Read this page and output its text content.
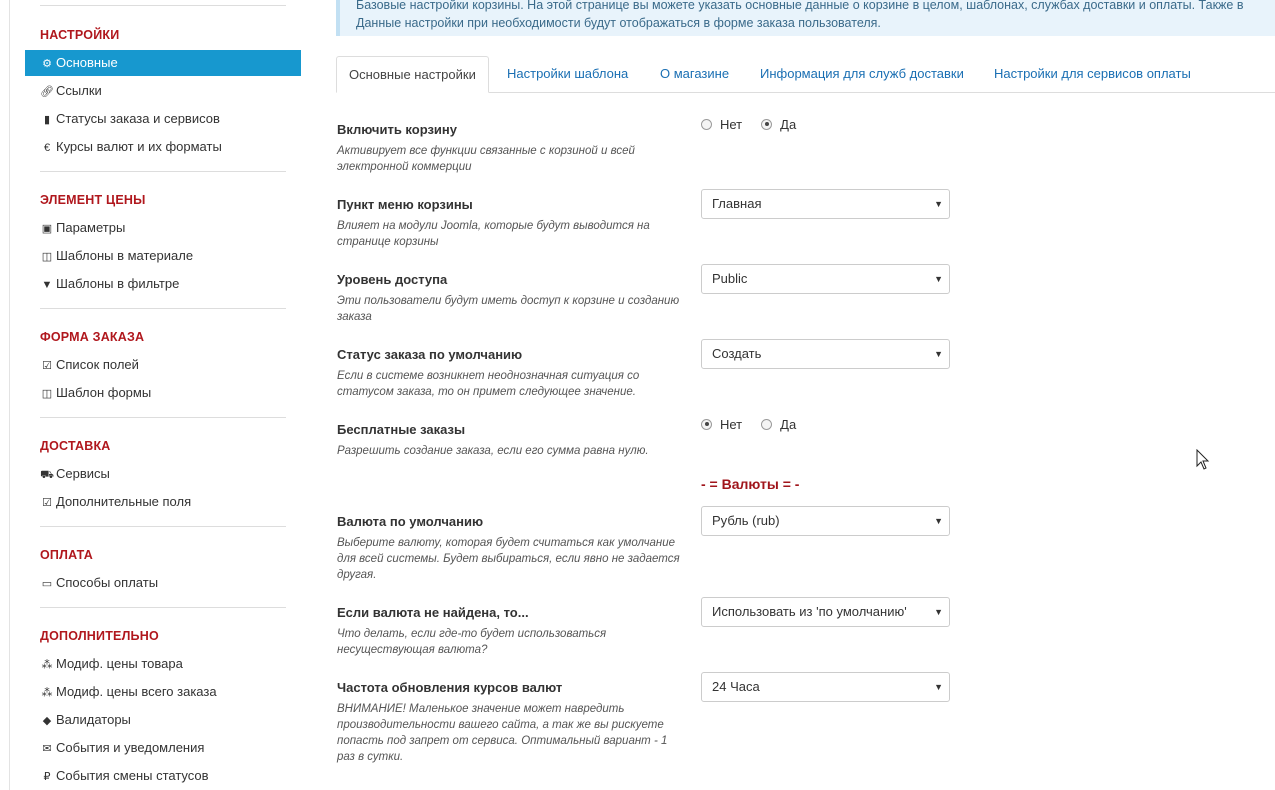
НАСТРОЙКИ
⚙ Основные
🔗︎ Ссылки
▮ Статусы заказа и сервисов
€ Курсы валют и их форматы
ЭЛЕМЕНТ ЦЕНЫ
▣ Параметры
◫ Шаблоны в материале
▼ Шаблоны в фильтре
ФОРМА ЗАКАЗА
☑ Список полей
◫ Шаблон формы
ДОСТАВКА
⛟ Сервисы
☑ Дополнительные поля
ОПЛАТА
▭ Способы оплаты
ДОПОЛНИТЕЛЬНО
⁂ Модиф. цены товара
⁂ Модиф. цены всего заказа
◆ Валидаторы
✉ События и уведомления
₽ События смены статусов
Базовые настройки корзины. На этой странице вы можете указать основные данные о корзине в целом, шаблонах, службах доставки и оплаты. Также в
Данные настройки при необходимости будут отображаться в форме заказа пользователя.
Основные настройки	Настройки шаблона О магазине Информация для служб доставки Настройки для сервисов оплаты
Включить корзину
Активирует все функции связанные с корзиной и всей электронной коммерции
Нет	Да
Пункт меню корзины
Влияет на модули Joomla, которые будут выводится на странице корзины
Главная	▼
Уровень доступа
Эти пользователи будут иметь доступ к корзине и созданию заказа
Public	▼
Статус заказа по умолчанию
Если в системе возникнет неоднозначная ситуация со статусом заказа, то он примет следующее значение.
Создать	▼
Бесплатные заказы
Разрешить создание заказа, если его сумма равна нулю.
Нет	Да
- = Валюты = -
Валюта по умолчанию
Выберите валюту, которая будет считаться как умолчание для всей системы. Будет выбираться, если явно не задается другая.
Рубль (rub)	▼
Если валюта не найдена, то...
Что делать, если где-то будет использоваться несуществующая валюта?
Использовать из 'по умолчанию'	▼
Частота обновления курсов валют
ВНИМАНИЕ! Маленькое значение может навредить производительности вашего сайта, а так же вы рискуете попасть под запрет от сервиса. Оптимальный вариант - 1 раз в сутки.
24 Часа	▼
